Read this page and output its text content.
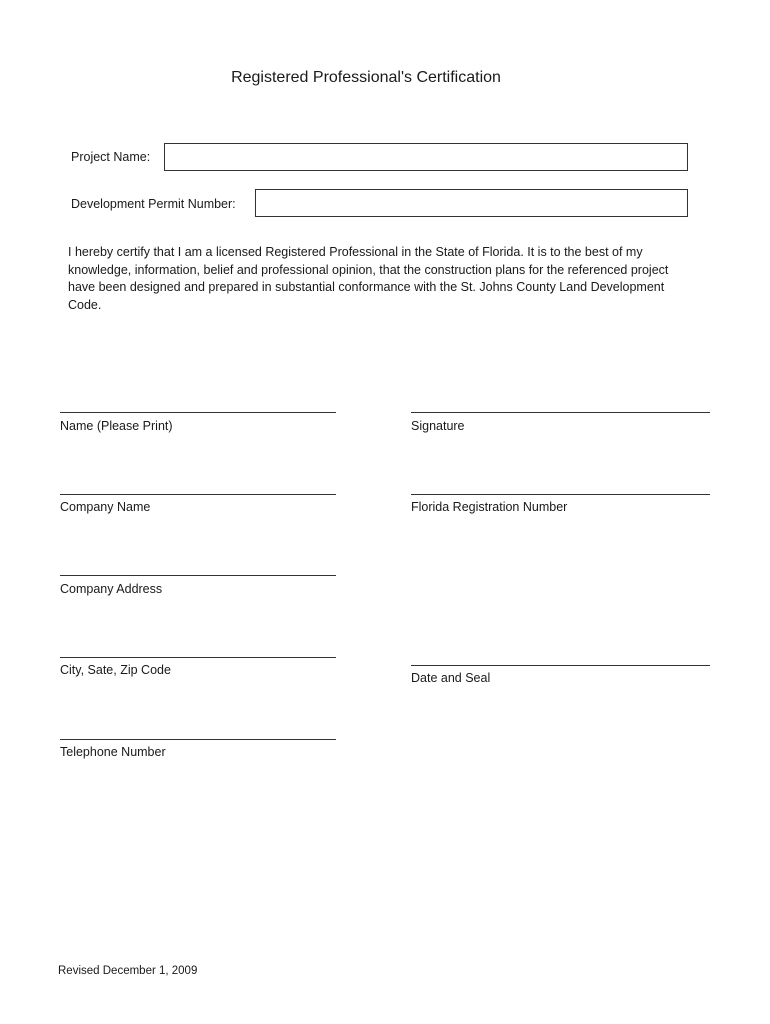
Registered Professional's Certification
Project Name:
Development Permit Number:
I hereby certify that I am a licensed Registered Professional in the State of Florida. It is to the best of my
knowledge, information, belief and professional opinion, that the construction plans for the referenced project
have been designed and prepared in substantial conformance with the St. Johns County Land Development
Code.
Name (Please Print)
Company Name
Company Address
City, Sate, Zip Code
Telephone Number
Signature
Florida Registration Number
Date and Seal
Revised December 1, 2009
